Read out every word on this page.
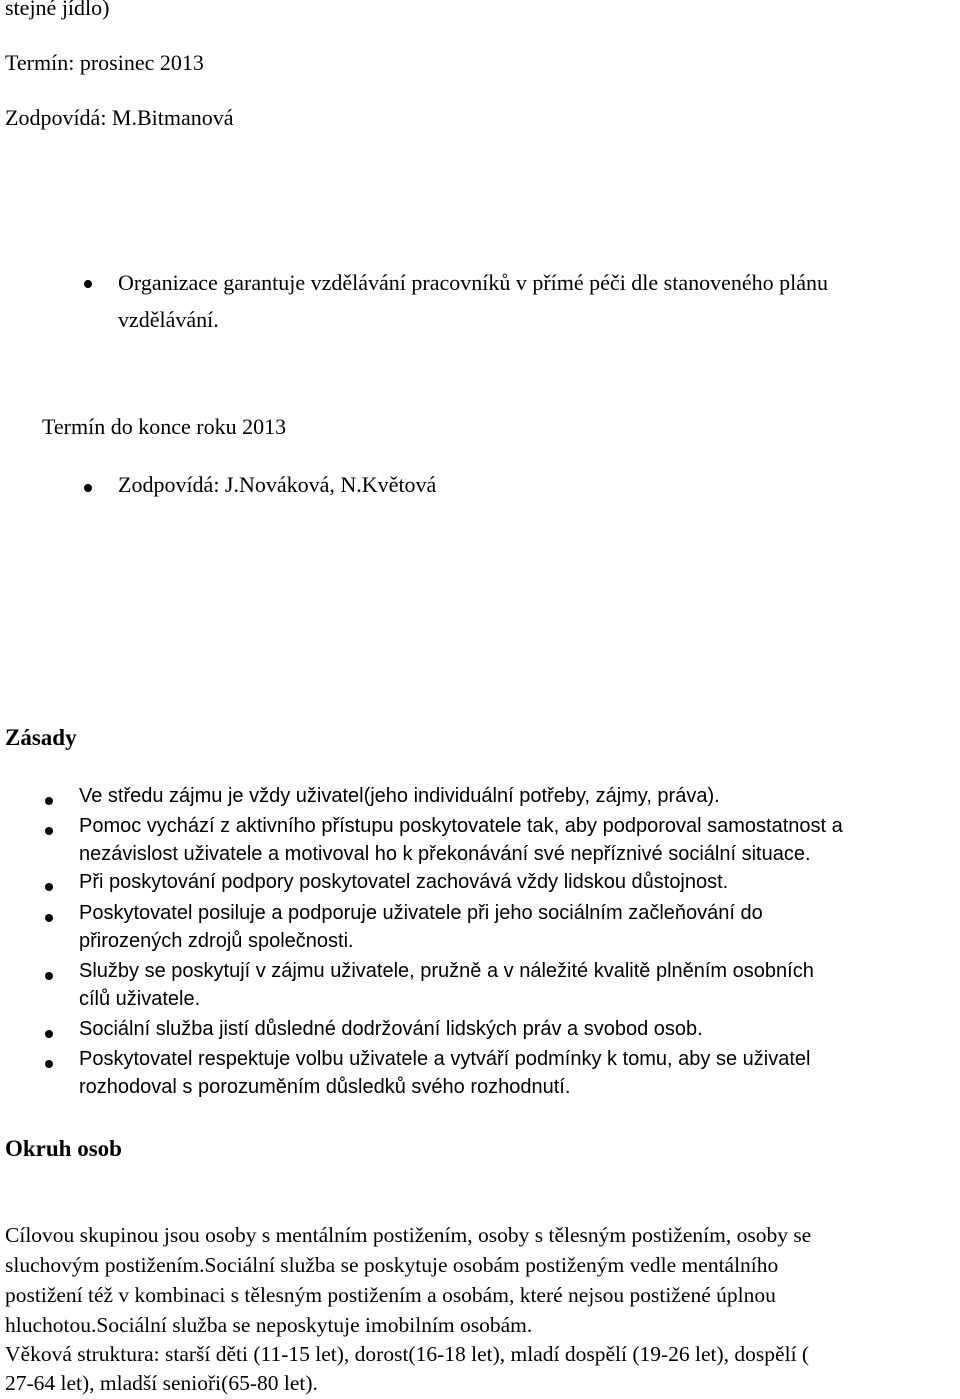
stejné jídlo)
Termín: prosinec 2013
Zodpovídá: M.Bitmanová
Organizace garantuje vzdělávání pracovníků v přímé péči dle stanoveného plánu
vzdělávání.
Termín do konce roku 2013
Zodpovídá: J.Nováková, N.Květová
Zásady
Ve středu zájmu je vždy uživatel(jeho individuální potřeby, zájmy, práva).
Pomoc vychází z aktivního přístupu poskytovatele tak, aby podporoval samostatnost a
nezávislost uživatele a motivoval ho k překonávání své nepříznivé sociální situace.
Při poskytování podpory poskytovatel zachovává vždy lidskou důstojnost.
Poskytovatel posiluje a podporuje uživatele při jeho sociálním začleňování do
přirozených zdrojů společnosti.
Služby se poskytují v zájmu uživatele, pružně a v náležité kvalitě plněním osobních
cílů uživatele.
Sociální služba jistí důsledné dodržování lidských práv a svobod osob.
Poskytovatel respektuje volbu uživatele a vytváří podmínky k tomu, aby se uživatel
rozhodoval s porozuměním důsledků svého rozhodnutí.
Okruh osob
Cílovou skupinou jsou osoby s mentálním postižením, osoby s tělesným postižením, osoby se
sluchovým postižením.Sociální služba se poskytuje osobám postiženým vedle mentálního
postižení též v kombinaci s tělesným postižením a osobám, které nejsou postižené úplnou
hluchotou.Sociální služba se neposkytuje imobilním osobám.
Věková struktura: starší děti (11-15 let), dorost(16-18 let), mladí dospělí (19-26 let), dospělí (
27-64 let), mladší senioři(65-80 let).
